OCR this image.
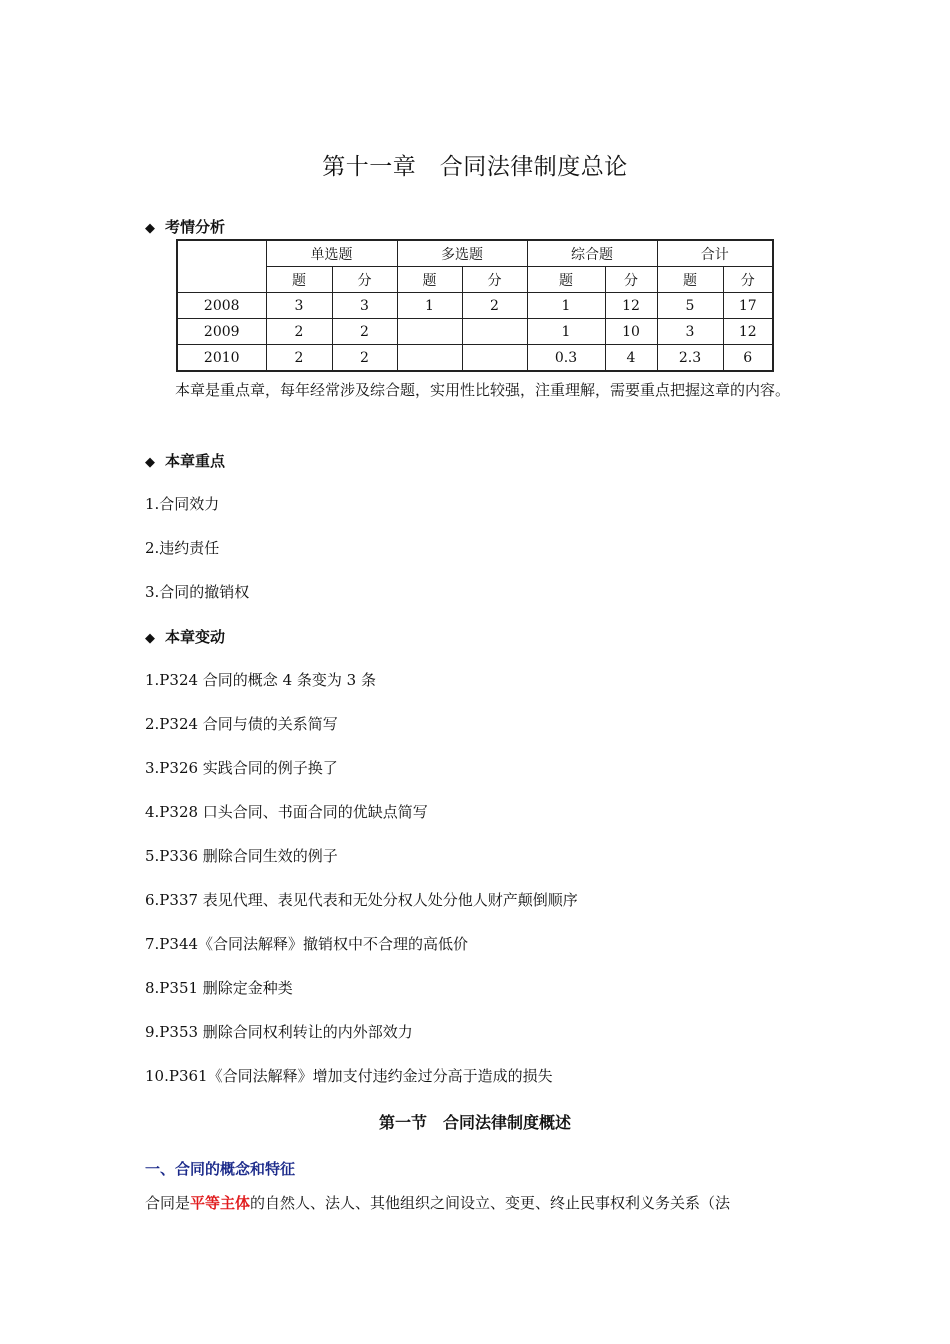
第十一章　合同法律制度总论
◆ 考情分析
	单选题		多选题		综合题		合计	
	题	分	题	分	题	分	题	分
2008	3	3	1	2	1	12	5	17
2009	2	2			1	10	3	12
2010	2	2			0.3	4	2.3	6
本章是重点章，每年经常涉及综合题，实用性比较强，注重理解，需要重点把握这章的内容。
◆ 本章重点
1.合同效力
2.违约责任
3.合同的撤销权
◆ 本章变动
1.P324 合同的概念 4 条变为 3 条
2.P324 合同与债的关系简写
3.P326 实践合同的例子换了
4.P328 口头合同、书面合同的优缺点简写
5.P336 删除合同生效的例子
6.P337 表见代理、表见代表和无处分权人处分他人财产颠倒顺序
7.P344《合同法解释》撤销权中不合理的高低价
8.P351 删除定金种类
9.P353 删除合同权利转让的内外部效力
10.P361《合同法解释》增加支付违约金过分高于造成的损失
第一节　合同法律制度概述
一、合同的概念和特征
合同是平等主体的自然人、法人、其他组织之间设立、变更、终止民事权利义务关系（法
